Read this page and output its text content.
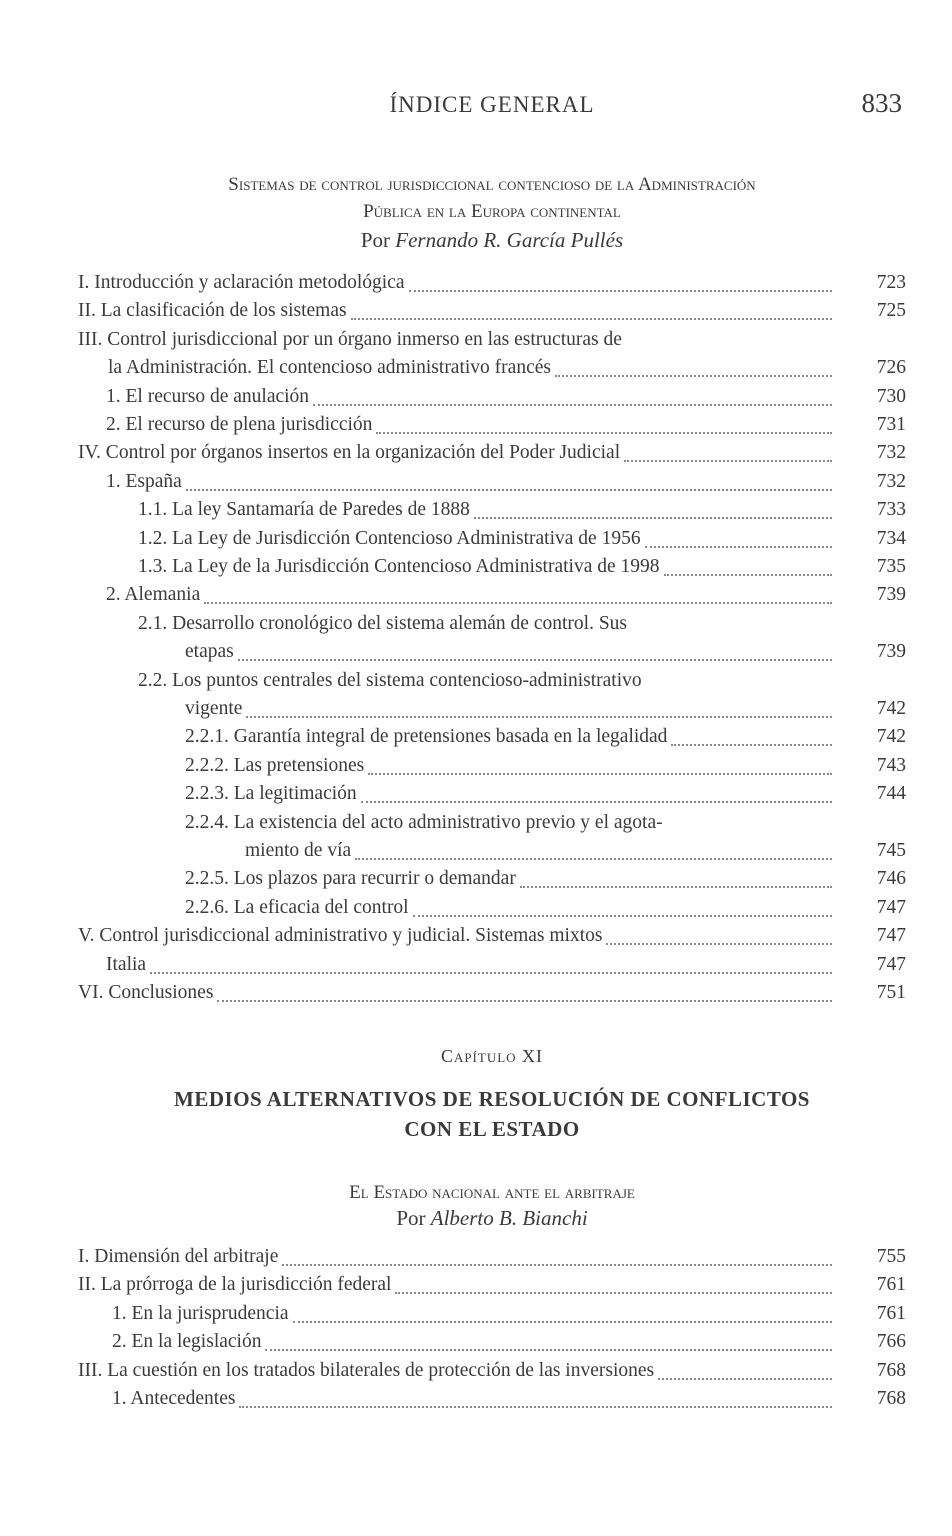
ÍNDICE GENERAL	833
Sistemas de control jurisdiccional contencioso de la Administración
Pública en la Europa continental
Por Fernando R. García Pullés
I. Introducción y aclaración metodológica	723
II. La clasificación de los sistemas	725
III. Control jurisdiccional por un órgano inmerso en las estructuras de
la Administración. El contencioso administrativo francés	726
1. El recurso de anulación	730
2. El recurso de plena jurisdicción	731
IV. Control por órganos insertos en la organización del Poder Judicial	732
1. España	732
1.1. La ley Santamaría de Paredes de 1888	733
1.2. La Ley de Jurisdicción Contencioso Administrativa de 1956	734
1.3. La Ley de la Jurisdicción Contencioso Administrativa de 1998	735
2. Alemania	739
2.1. Desarrollo cronológico del sistema alemán de control. Sus
etapas	739
2.2. Los puntos centrales del sistema contencioso-administrativo
vigente	742
2.2.1. Garantía integral de pretensiones basada en la legalidad	742
2.2.2. Las pretensiones	743
2.2.3. La legitimación	744
2.2.4. La existencia del acto administrativo previo y el agota-
miento de vía	745
2.2.5. Los plazos para recurrir o demandar	746
2.2.6. La eficacia del control	747
V. Control jurisdiccional administrativo y judicial. Sistemas mixtos	747
Italia	747
VI. Conclusiones	751
Capítulo XI
MEDIOS ALTERNATIVOS DE RESOLUCIÓN DE CONFLICTOS
CON EL ESTADO
El Estado nacional ante el arbitraje
Por Alberto B. Bianchi
I. Dimensión del arbitraje	755
II. La prórroga de la jurisdicción federal	761
1. En la jurisprudencia	761
2. En la legislación	766
III. La cuestión en los tratados bilaterales de protección de las inversiones	768
1. Antecedentes	768
